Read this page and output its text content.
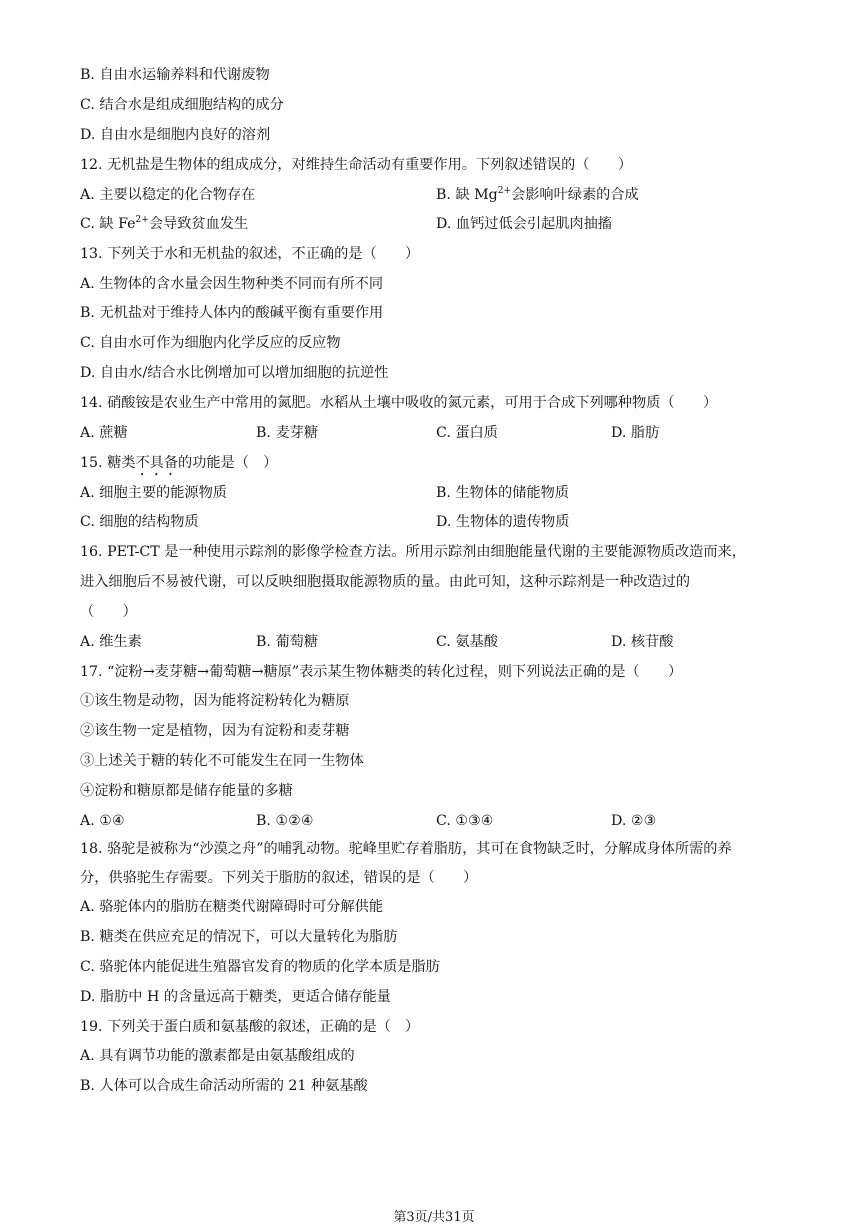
B. 自由水运输养料和代谢废物
C. 结合水是组成细胞结构的成分
D. 自由水是细胞内良好的溶剂
12. 无机盐是生物体的组成成分，对维持生命活动有重要作用。下列叙述错误的（　　）
A. 主要以稳定的化合物存在	B. 缺 $Mg^{2+}$会影响叶绿素的合成
C. 缺 $Fe^{2+}$会导致贫血发生	D. 血钙过低会引起肌肉抽搐
13. 下列关于水和无机盐的叙述，不正确的是（　　）
A. 生物体的含水量会因生物种类不同而有所不同
B. 无机盐对于维持人体内的酸碱平衡有重要作用
C. 自由水可作为细胞内化学反应的反应物
D. 自由水/结合水比例增加可以增加细胞的抗逆性
14. 硝酸铵是农业生产中常用的氮肥。水稻从土壤中吸收的氮元素，可用于合成下列哪种物质（　　）
A. 蔗糖	B. 麦芽糖	C. 蛋白质	D. 脂肪
15. 糖类不具备的功能是（　）
A. 细胞主要的能源物质	B. 生物体的储能物质
C. 细胞的结构物质	D. 生物体的遗传物质
16. PET-CT 是一种使用示踪剂的影像学检查方法。所用示踪剂由细胞能量代谢的主要能源物质改造而来，
进入细胞后不易被代谢，可以反映细胞摄取能源物质的量。由此可知，这种示踪剂是一种改造过的
（　　）
A. 维生素	B. 葡萄糖	C. 氨基酸	D. 核苷酸
17. “淀粉→麦芽糖→葡萄糖→糖原”表示某生物体糖类的转化过程，则下列说法正确的是（　　）
①该生物是动物，因为能将淀粉转化为糖原
②该生物一定是植物，因为有淀粉和麦芽糖
③上述关于糖的转化不可能发生在同一生物体
④淀粉和糖原都是储存能量的多糖
A. ①④	B. ①②④	C. ①③④	D. ②③
18. 骆驼是被称为“沙漠之舟”的哺乳动物。驼峰里贮存着脂肪，其可在食物缺乏时，分解成身体所需的养
分，供骆驼生存需要。下列关于脂肪的叙述，错误的是（　　）
A. 骆驼体内的脂肪在糖类代谢障碍时可分解供能
B. 糖类在供应充足的情况下，可以大量转化为脂肪
C. 骆驼体内能促进生殖器官发育的物质的化学本质是脂肪
D. 脂肪中 H 的含量远高于糖类，更适合储存能量
19. 下列关于蛋白质和氨基酸的叙述，正确的是（　）
A. 具有调节功能的激素都是由氨基酸组成的
B. 人体可以合成生命活动所需的 21 种氨基酸
第3页/共31页
